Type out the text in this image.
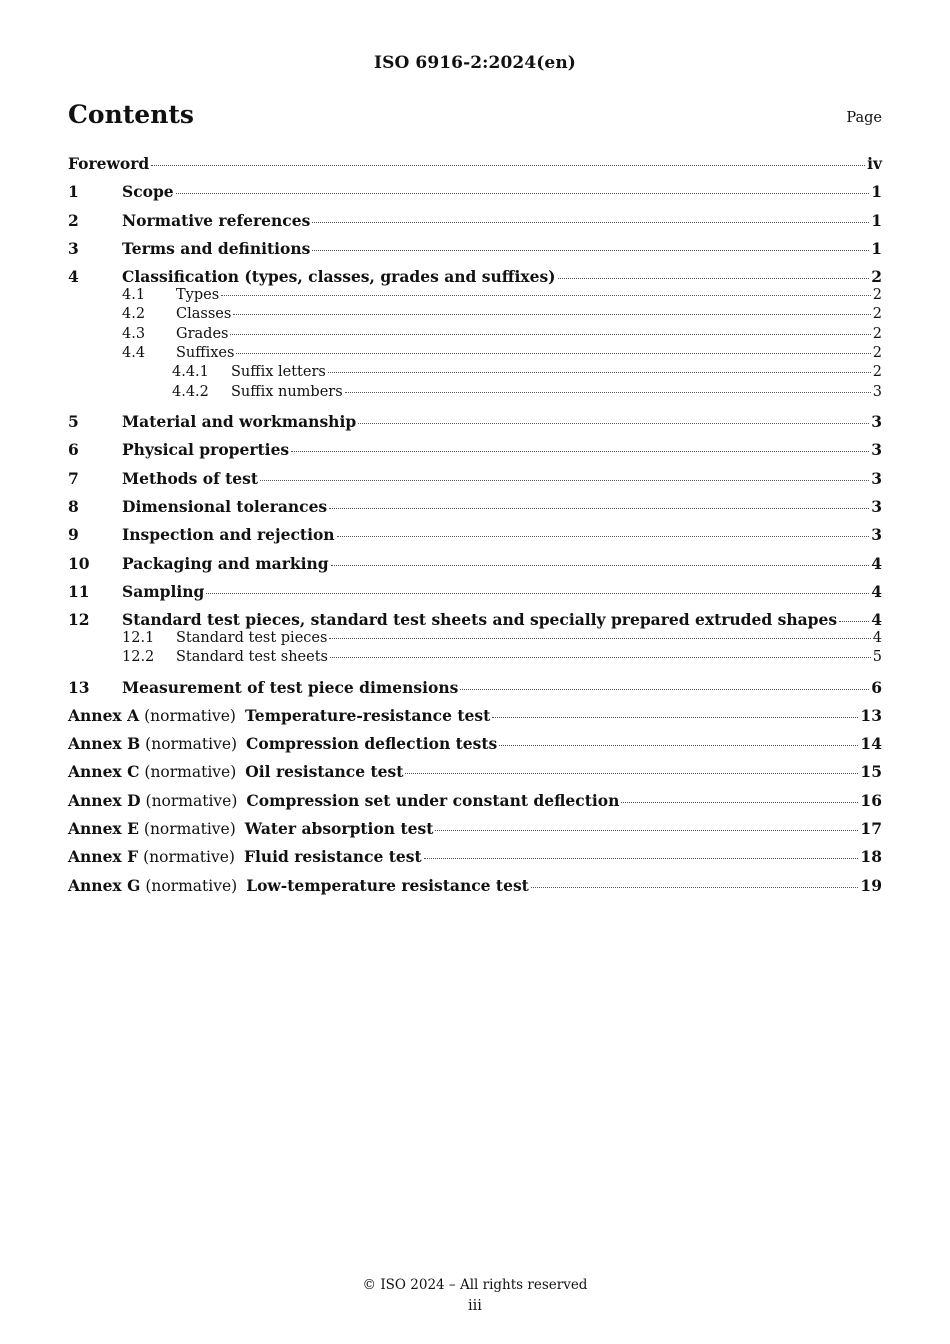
ISO 6916-2:2024(en)
Contents	Page
Foreword	iv
1	Scope	1
2	Normative references	1
3	Terms and definitions	1
4	Classification (types, classes, grades and suffixes)	2
4.1	Types	2
4.2	Classes	2
4.3	Grades	2
4.4	Suffixes	2
4.4.1	Suffix letters	2
4.4.2	Suffix numbers	3
5	Material and workmanship	3
6	Physical properties	3
7	Methods of test	3
8	Dimensional tolerances	3
9	Inspection and rejection	3
10	Packaging and marking	4
11	Sampling	4
12	Standard test pieces, standard test sheets and specially prepared extruded shapes 4
12.1	Standard test pieces	4
12.2	Standard test sheets	5
13	Measurement of test piece dimensions	6
Annex A (normative) Temperature-resistance test	13
Annex B (normative) Compression deflection tests	14
Annex C (normative) Oil resistance test	15
Annex D (normative) Compression set under constant deflection	16
Annex E (normative) Water absorption test	17
Annex F (normative) Fluid resistance test	18
Annex G (normative) Low-temperature resistance test	19
© ISO 2024 – All rights reserved
iii
